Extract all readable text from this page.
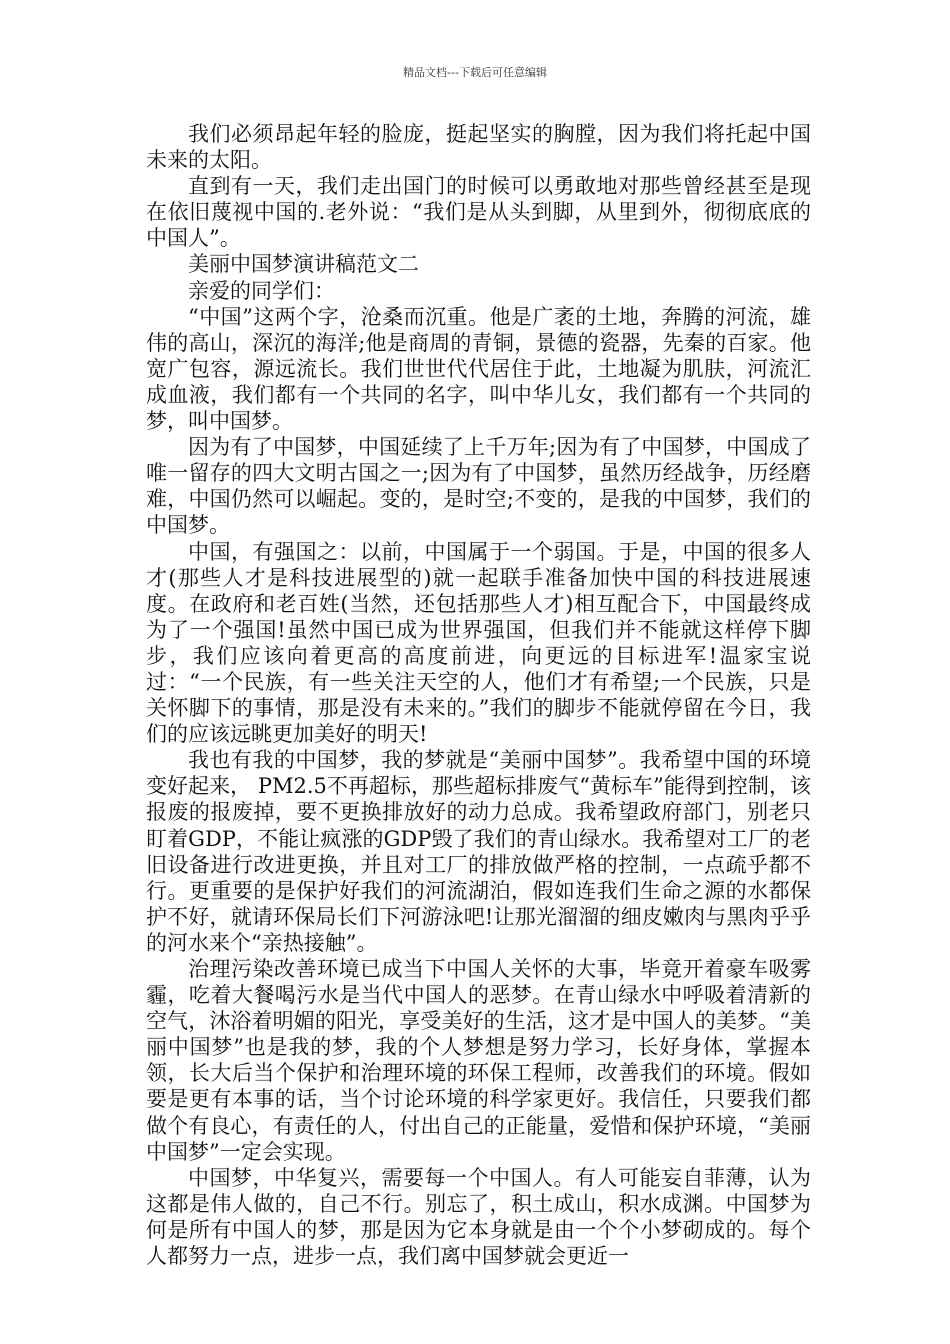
精品文档---下载后可任意编辑

我们必须昂起年轻的脸庞，挺起坚实的胸膛，因为我们将托起中国未来的太阳。

直到有一天，我们走出国门的时候可以勇敢地对那些曾经甚至是现在依旧蔑视中国的.老外说：“我们是从头到脚，从里到外，彻彻底底的中国人”。

美丽中国梦演讲稿范文二

亲爱的同学们：

“中国”这两个字，沧桑而沉重。他是广袤的土地，奔腾的河流，雄伟的高山，深沉的海洋;他是商周的青铜，景德的瓷器，先秦的百家。他宽广包容，源远流长。我们世世代代居住于此，土地凝为肌肤，河流汇成血液，我们都有一个共同的名字，叫中华儿女，我们都有一个共同的梦，叫中国梦。

因为有了中国梦，中国延续了上千万年;因为有了中国梦，中国成了唯一留存的四大文明古国之一;因为有了中国梦，虽然历经战争，历经磨难，中国仍然可以崛起。变的，是时空;不变的，是我的中国梦，我们的中国梦。

中国，有强国之：以前，中国属于一个弱国。于是，中国的很多人才(那些人才是科技进展型的)就一起联手准备加快中国的科技进展速度。在政府和老百姓(当然，还包括那些人才)相互配合下，中国最终成为了一个强国!虽然中国已成为世界强国，但我们并不能就这样停下脚步，我们应该向着更高的高度前进，向更远的目标进军!温家宝说过：“一个民族，有一些关注天空的人，他们才有希望;一个民族，只是关怀脚下的事情，那是没有未来的。”我们的脚步不能就停留在今日，我们的应该远眺更加美好的明天!

我也有我的中国梦，我的梦就是“美丽中国梦”。我希望中国的环境变好起来， PM2.5不再超标，那些超标排废气“黄标车”能得到控制，该报废的报废掉，要不更换排放好的动力总成。我希望政府部门，别老只盯着GDP，不能让疯涨的GDP毁了我们的青山绿水。我希望对工厂的老旧设备进行改进更换，并且对工厂的排放做严格的控制，一点疏乎都不行。更重要的是保护好我们的河流湖泊，假如连我们生命之源的水都保护不好，就请环保局长们下河游泳吧!让那光溜溜的细皮嫩肉与黑肉乎乎的河水来个“亲热接触”。

治理污染改善环境已成当下中国人关怀的大事，毕竟开着豪车吸雾霾，吃着大餐喝污水是当代中国人的恶梦。在青山绿水中呼吸着清新的空气，沐浴着明媚的阳光，享受美好的生活，这才是中国人的美梦。“美丽中国梦”也是我的梦，我的个人梦想是努力学习，长好身体，掌握本领，长大后当个保护和治理环境的环保工程师，改善我们的环境。假如要是更有本事的话，当个讨论环境的科学家更好。我信任，只要我们都做个有良心，有责任的人，付出自己的正能量，爱惜和保护环境，“美丽中国梦”一定会实现。

中国梦，中华复兴，需要每一个中国人。有人可能妄自菲薄，认为这都是伟人做的，自己不行。别忘了，积土成山，积水成渊。中国梦为何是所有中国人的梦，那是因为它本身就是由一个个小梦砌成的。每个人都努力一点，进步一点，我们离中国梦就会更近一
